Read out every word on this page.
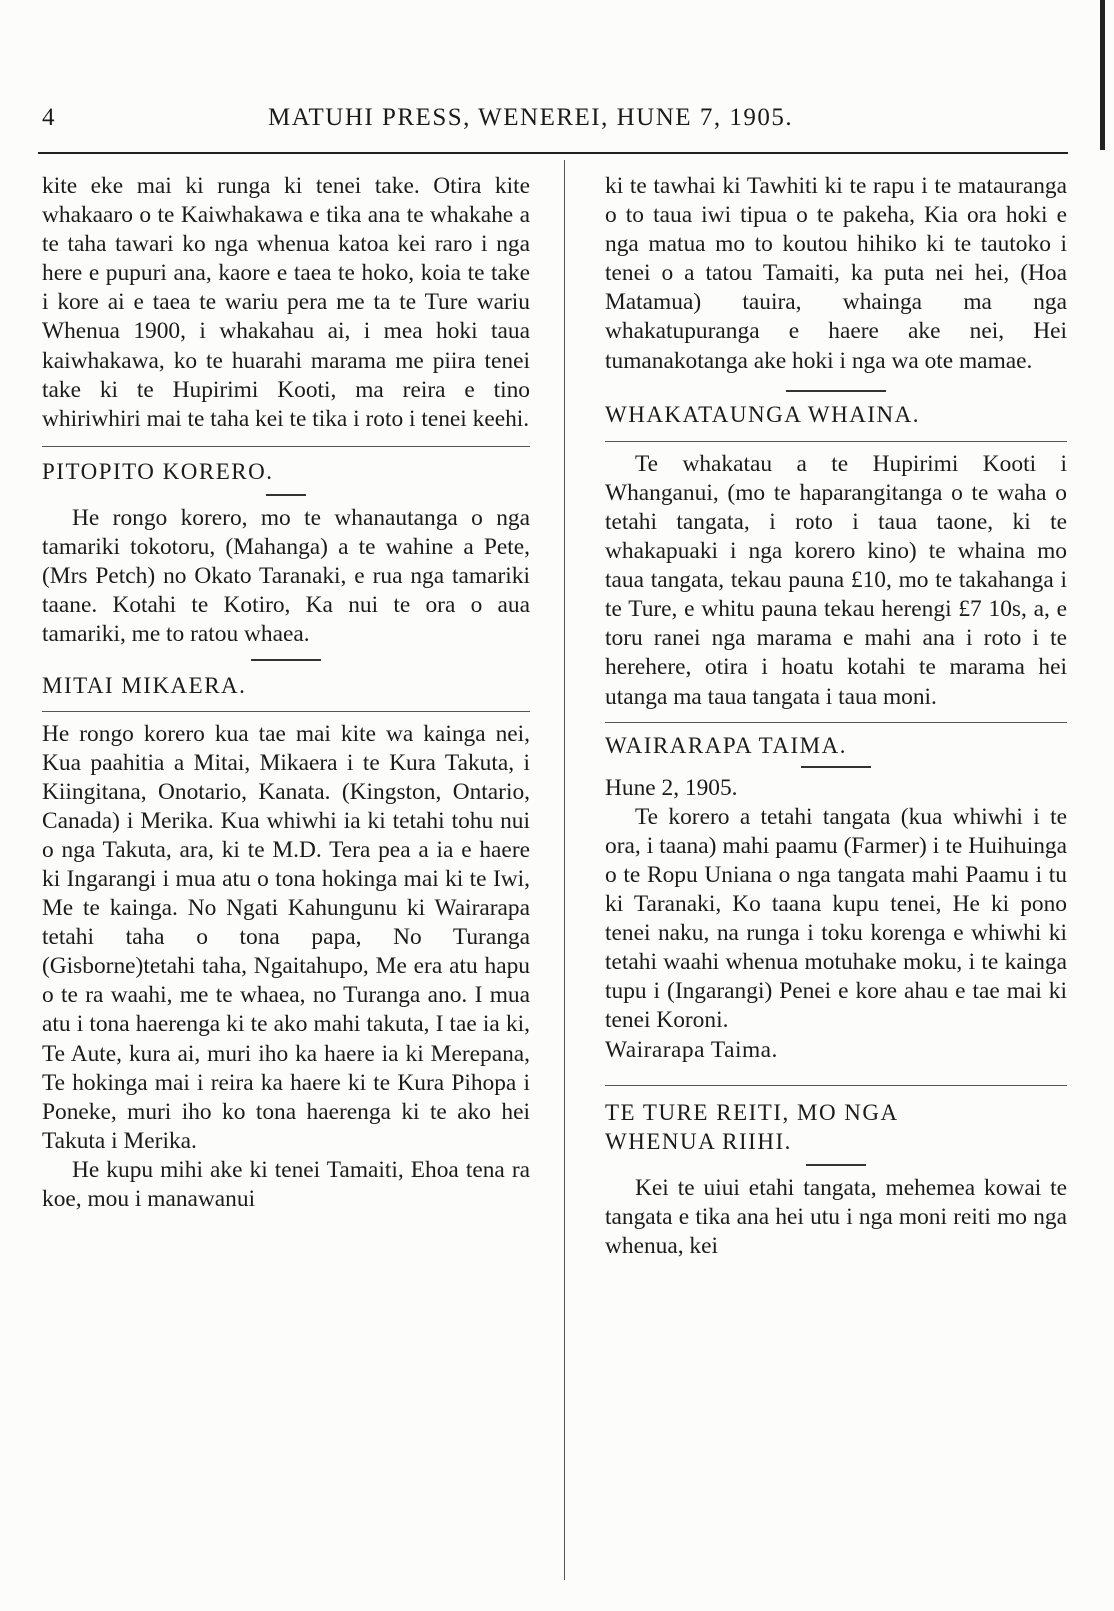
4	MATUHI PRESS, WENEREI, HUNE 7, 1905.

kite eke mai ki runga ki tenei take. Otira kite whakaaro o te Kaiwhakawa e tika ana te whakahe a te taha tawari ko nga whenua katoa kei raro i nga here e pupuri ana, kaore e taea te hoko, koia te take i kore ai e taea te wariu pera me ta te Ture wariu Whenua 1900, i whakahau ai, i mea hoki taua kaiwhakawa, ko te huarahi marama me piira tenei take ki te Hupirimi Kooti, ma reira e tino whiriwhiri mai te taha kei te tika i roto i tenei keehi.

PITOPITO KORERO.

He rongo korero, mo te whanautanga o nga tamariki tokotoru, (Mahanga) a te wahine a Pete, (Mrs Petch) no Okato Taranaki, e rua nga tamariki taane. Kotahi te Kotiro, Ka nui te ora o aua tamariki, me to ratou whaea.

MITAI MIKAERA.

He rongo korero kua tae mai kite wa kainga nei, Kua paahitia a Mitai, Mikaera i te Kura Takuta, i Kiingitana, Onotario, Kanata. (Kingston, Ontario, Canada) i Merika. Kua whiwhi ia ki tetahi tohu nui o nga Takuta, ara, ki te M.D. Tera pea a ia e haere ki Ingarangi i mua atu o tona hokinga mai ki te Iwi, Me te kainga. No Ngati Kahungunu ki Wairarapa tetahi taha o tona papa, No Turanga (Gisborne)tetahi taha, Ngaitahupo, Me era atu hapu o te ra waahi, me te whaea, no Turanga ano. I mua atu i tona haerenga ki te ako mahi takuta, I tae ia ki, Te Aute, kura ai, muri iho ka haere ia ki Merepana, Te hokinga mai i reira ka haere ki te Kura Pihopa i Poneke, muri iho ko tona haerenga ki te ako hei Takuta i Merika.

He kupu mihi ake ki tenei Tamaiti, Ehoa tena ra koe, mou i manawanui

ki te tawhai ki Tawhiti ki te rapu i te matauranga o to taua iwi tipua o te pakeha, Kia ora hoki e nga matua mo to koutou hihiko ki te tautoko i tenei o a tatou Tamaiti, ka puta nei hei, (Hoa Matamua) tauira, whainga ma nga whakatupuranga e haere ake nei, Hei tumanakotanga ake hoki i nga wa ote mamae.

WHAKATAUNGA WHAINA.

Te whakatau a te Hupirimi Kooti i Whanganui, (mo te haparangitanga o te waha o tetahi tangata, i roto i taua taone, ki te whakapuaki i nga korero kino) te whaina mo taua tangata, tekau pauna £10, mo te takahanga i te Ture, e whitu pauna tekau herengi £7 10s, a, e toru ranei nga marama e mahi ana i roto i te herehere, otira i hoatu kotahi te marama hei utanga ma taua tangata i taua moni.

WAIRARAPA TAIMA.

Hune 2, 1905.

Te korero a tetahi tangata (kua whiwhi i te ora, i taana) mahi paamu (Farmer) i te Huihuinga o te Ropu Uniana o nga tangata mahi Paamu i tu ki Taranaki, Ko taana kupu tenei, He ki pono tenei naku, na runga i toku korenga e whiwhi ki tetahi waahi whenua motuhake moku, i te kainga tupu i (Ingarangi) Penei e kore ahau e tae mai ki tenei Koroni.

Wairarapa Taima.

TE TURE REITI, MO NGA

WHENUA RIIHI.

Kei te uiui etahi tangata, mehemea kowai te tangata e tika ana hei utu i nga moni reiti mo nga whenua, kei
